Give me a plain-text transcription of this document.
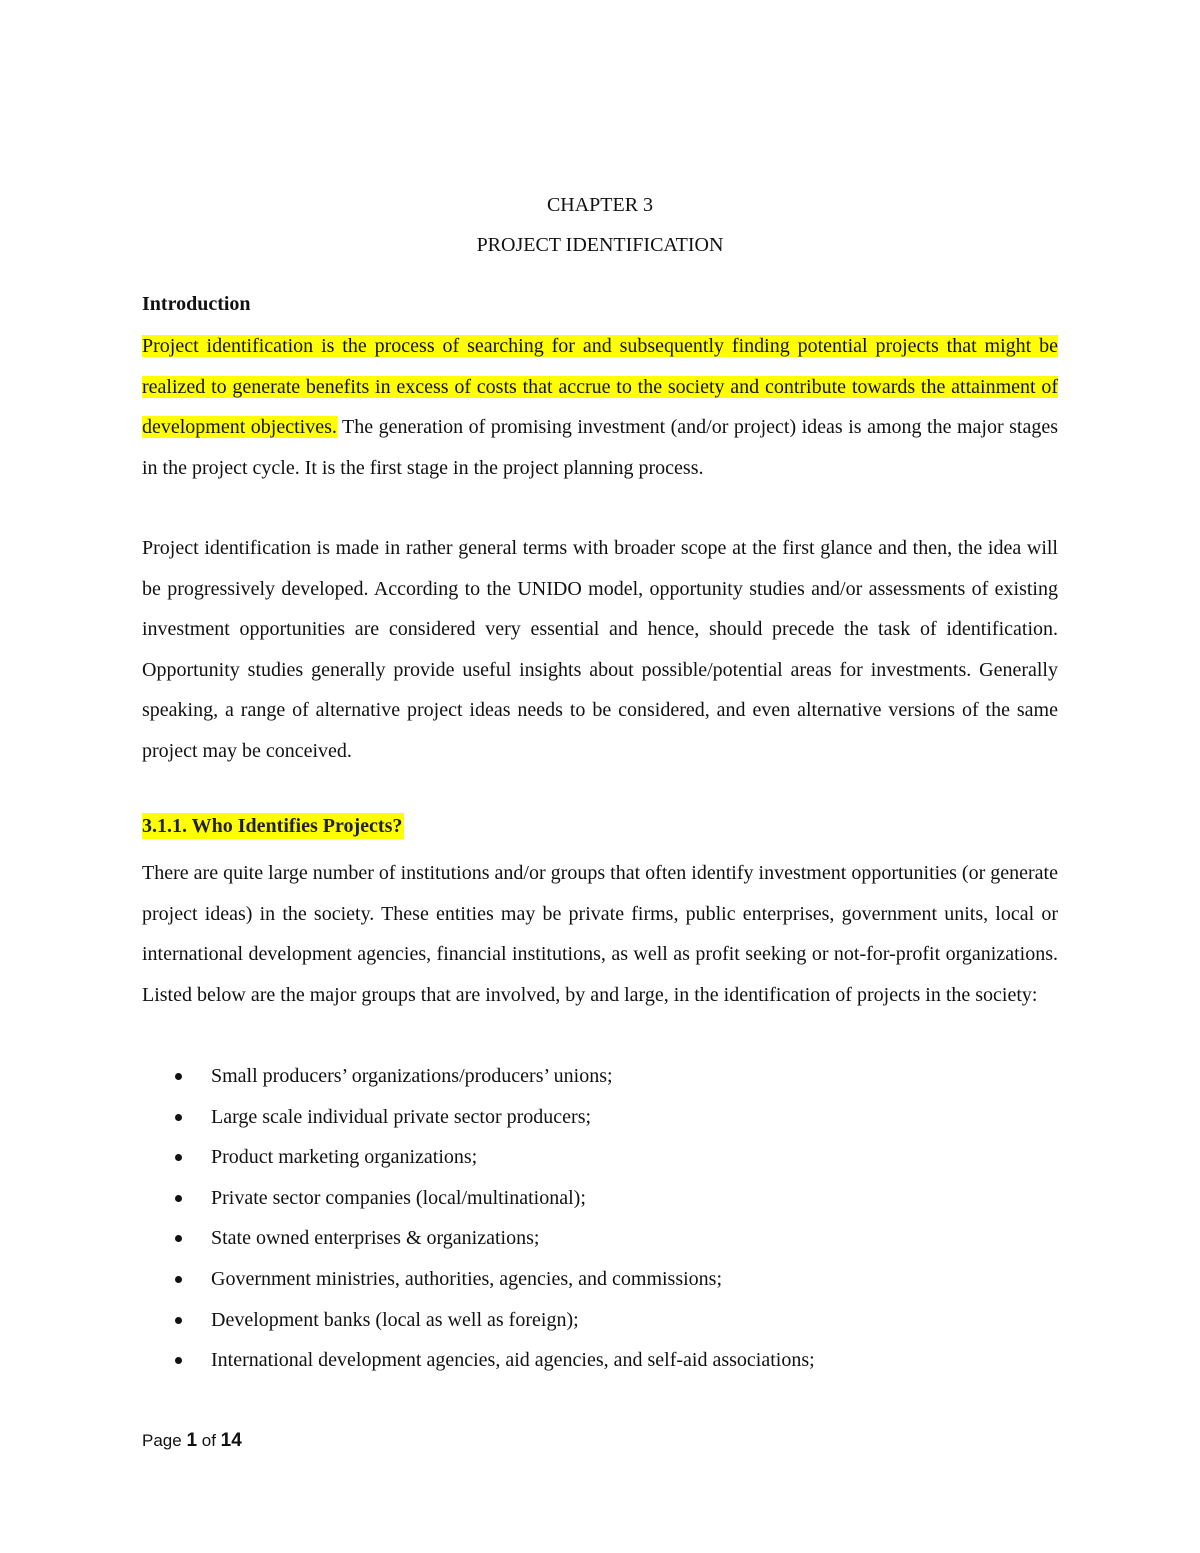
CHAPTER 3
PROJECT IDENTIFICATION
Introduction
Project identification is the process of searching for and subsequently finding potential projects that might be realized to generate benefits in excess of costs that accrue to the society and contribute towards the attainment of development objectives. The generation of promising investment (and/or project) ideas is among the major stages in the project cycle. It is the first stage in the project planning process.
Project identification is made in rather general terms with broader scope at the first glance and then, the idea will be progressively developed. According to the UNIDO model, opportunity studies and/or assessments of existing investment opportunities are considered very essential and hence, should precede the task of identification. Opportunity studies generally provide useful insights about possible/potential areas for investments. Generally speaking, a range of alternative project ideas needs to be considered, and even alternative versions of the same project may be conceived.
3.1.1. Who Identifies Projects?
There are quite large number of institutions and/or groups that often identify investment opportunities (or generate project ideas) in the society. These entities may be private firms, public enterprises, government units, local or international development agencies, financial institutions, as well as profit seeking or not-for-profit organizations. Listed below are the major groups that are involved, by and large, in the identification of projects in the society:
Small producers’ organizations/producers’ unions;
Large scale individual private sector producers;
Product marketing organizations;
Private sector companies (local/multinational);
State owned enterprises & organizations;
Government ministries, authorities, agencies, and commissions;
Development banks (local as well as foreign);
International development agencies, aid agencies, and self-aid associations;
Page 1 of 14
